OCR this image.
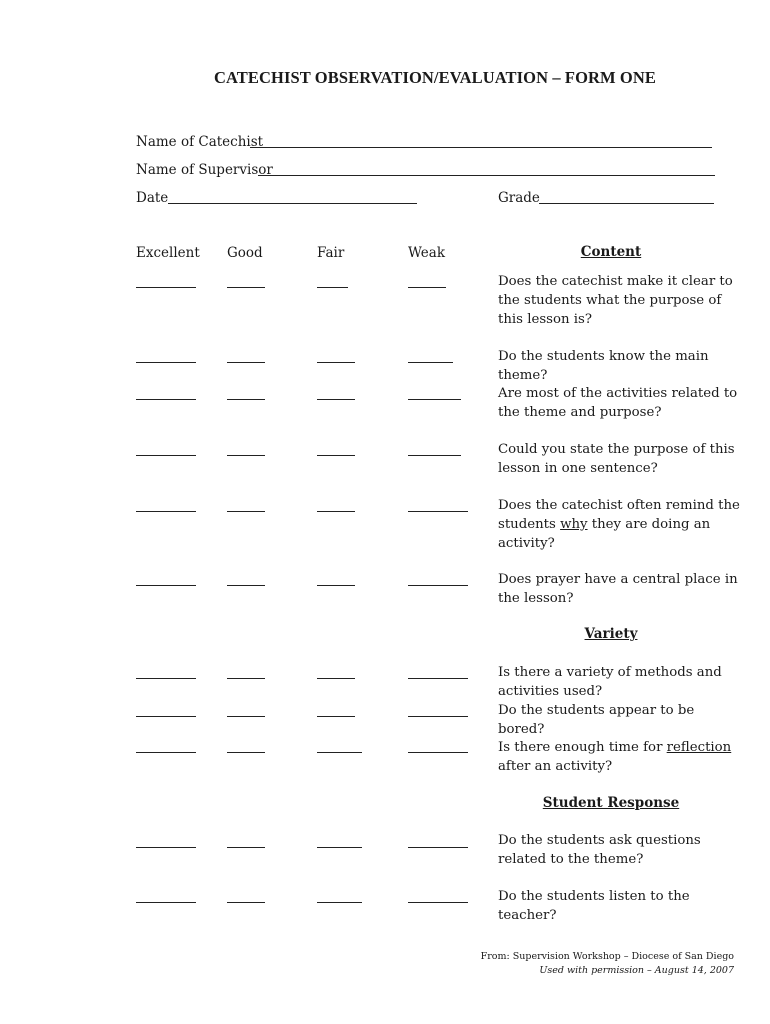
CATECHIST OBSERVATION/EVALUATION – FORM ONE
Name of Catechist
Name of Supervisor
Date	Grade
Excellent Good	Fair	Weak	Content
Does the catechist make it clear to the students what the purpose of this lesson is?
Do the students know the main theme?
Are most of the activities related to the theme and purpose?
Could you state the purpose of this lesson in one sentence?
Does the catechist often remind the students why they are doing an activity?
Does prayer have a central place in the lesson?
Variety
Is there a variety of methods and activities used?
Do the students appear to be bored?
Is there enough time for reflection after an activity?
Student Response
Do the students ask questions related to the theme?
Do the students listen to the teacher?
From: Supervision Workshop – Diocese of San Diego
Used with permission – August 14, 2007
